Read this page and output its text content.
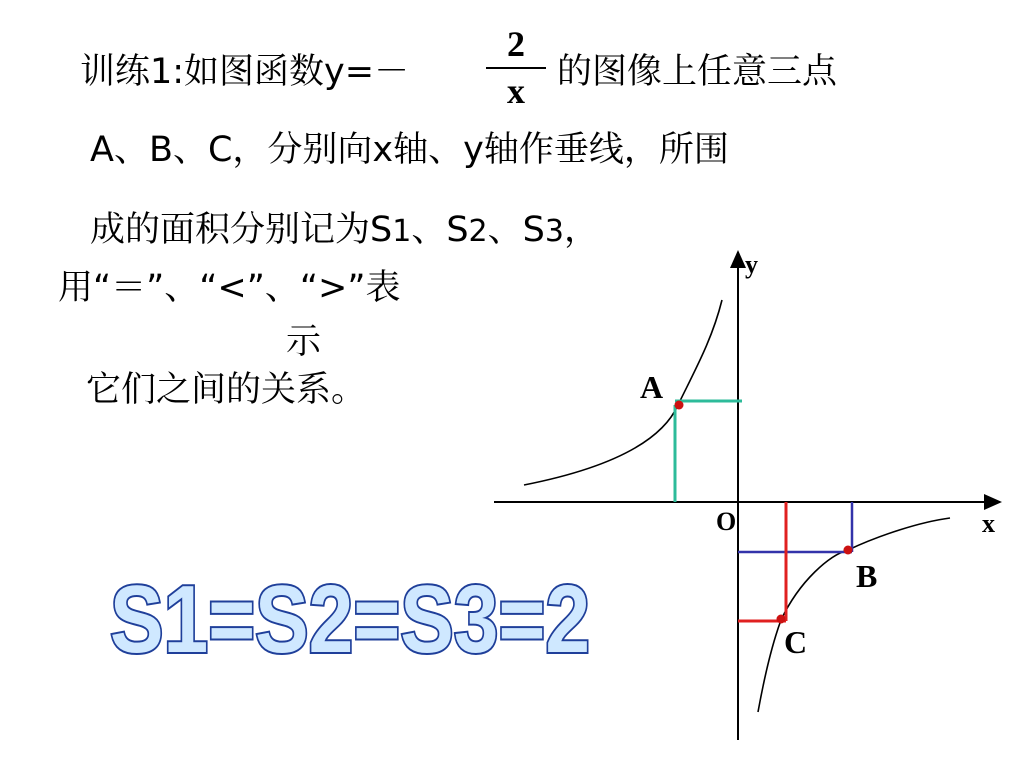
训练1:如图函数y=－
2
x 的图像上任意三点
A、B、C，分别向x轴、y轴作垂线，所围
成的面积分别记为S1、S2、S3，
用“＝”、“<”、“>”表
示
它们之间的关系。
S1=S2=S3=2
y
x
O
A
B
C
